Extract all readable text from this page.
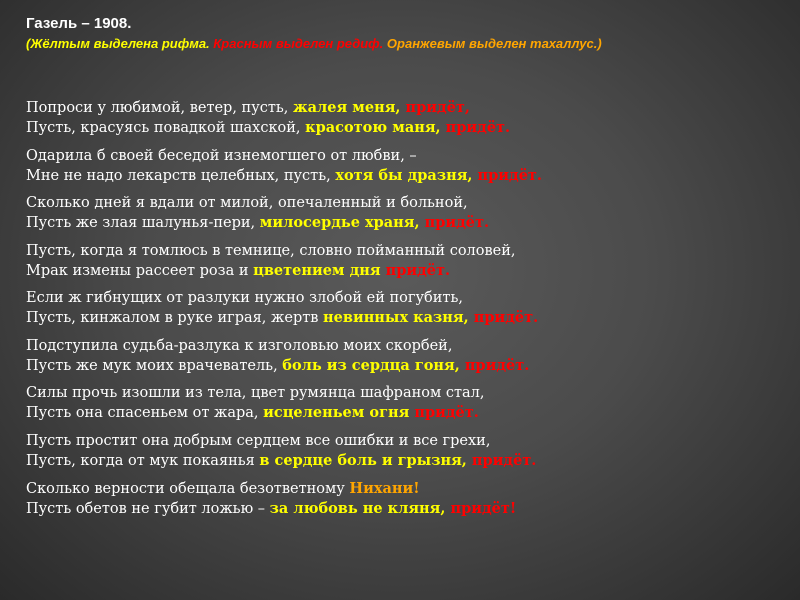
Газель – 1908.
(Жёлтым выделена рифма. Красным выделен редиф. Оранжевым выделен тахаллус.)
Попроси у любимой, ветер, пусть, жалея меня, придёт,
Пусть, красуясь повадкой шахской, красотою маня, придёт.
Одарила б своей беседой изнемогшего от любви, –
Мне не надо лекарств целебных, пусть, хотя бы дразня, придёт.
Сколько дней я вдали от милой, опечаленный и больной,
Пусть же злая шалунья-пери, милосердье храня, придёт.
Пусть, когда я томлюсь в темнице, словно пойманный соловей,
Мрак измены рассеет роза и цветением дня придёт.
Если ж гибнущих от разлуки нужно злобой ей погубить,
Пусть, кинжалом в руке играя, жертв невинных казня, придёт.
Подступила судьба-разлука к изголовью моих скорбей,
Пусть же мук моих врачеватель, боль из сердца гоня, придёт.
Силы прочь изошли из тела, цвет румянца шафраном стал,
Пусть она спасеньем от жара, исцеленьем огня придёт.
Пусть простит она добрым сердцем все ошибки и все грехи,
Пусть, когда от мук покаянья в сердце боль и грызня, придёт.
Сколько верности обещала безответному Нихани!
Пусть обетов не губит ложью – за любовь не кляня, придёт!
